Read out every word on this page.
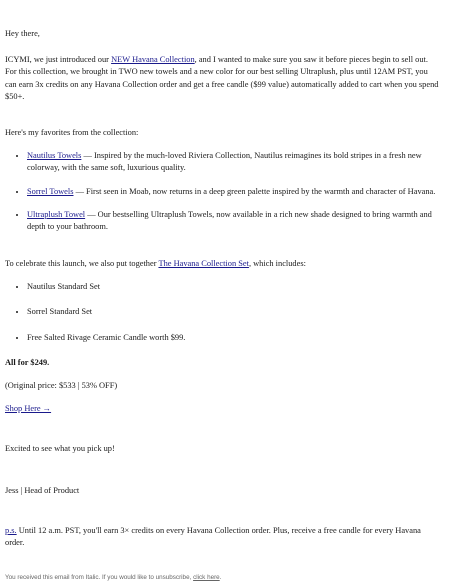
Hey there,

ICYMI, we just introduced our NEW Havana Collection, and I wanted to make sure you saw it before pieces begin to sell out. For this collection, we brought in TWO new towels and a new color for our best selling Ultraplush, plus until 12AM PST, you can earn 3x credits on any Havana Collection order and get a free candle ($99 value) automatically added to cart when you spend $50+.

Here's my favorites from the collection:

• Nautilus Towels — Inspired by the much-loved Riviera Collection, Nautilus reimagines its bold stripes in a fresh new colorway, with the same soft, luxurious quality.
• Sorrel Towels — First seen in Moab, now returns in a deep green palette inspired by the warmth and character of Havana.
• Ultraplush Towel — Our bestselling Ultraplush Towels, now available in a rich new shade designed to bring warmth and depth to your bathroom.

To celebrate this launch, we also put together The Havana Collection Set, which includes:

• Nautilus Standard Set
• Sorrel Standard Set
• Free Salted Rivage Ceramic Candle worth $99.

All for $249.

(Original price: $533 | 53% OFF)

Shop Here →

Excited to see what you pick up!

Jess | Head of Product

p.s. Until 12 a.m. PST, you'll earn 3× credits on every Havana Collection order. Plus, receive a free candle for every Havana order.

You received this email from Italic. If you would like to unsubscribe, click here.
